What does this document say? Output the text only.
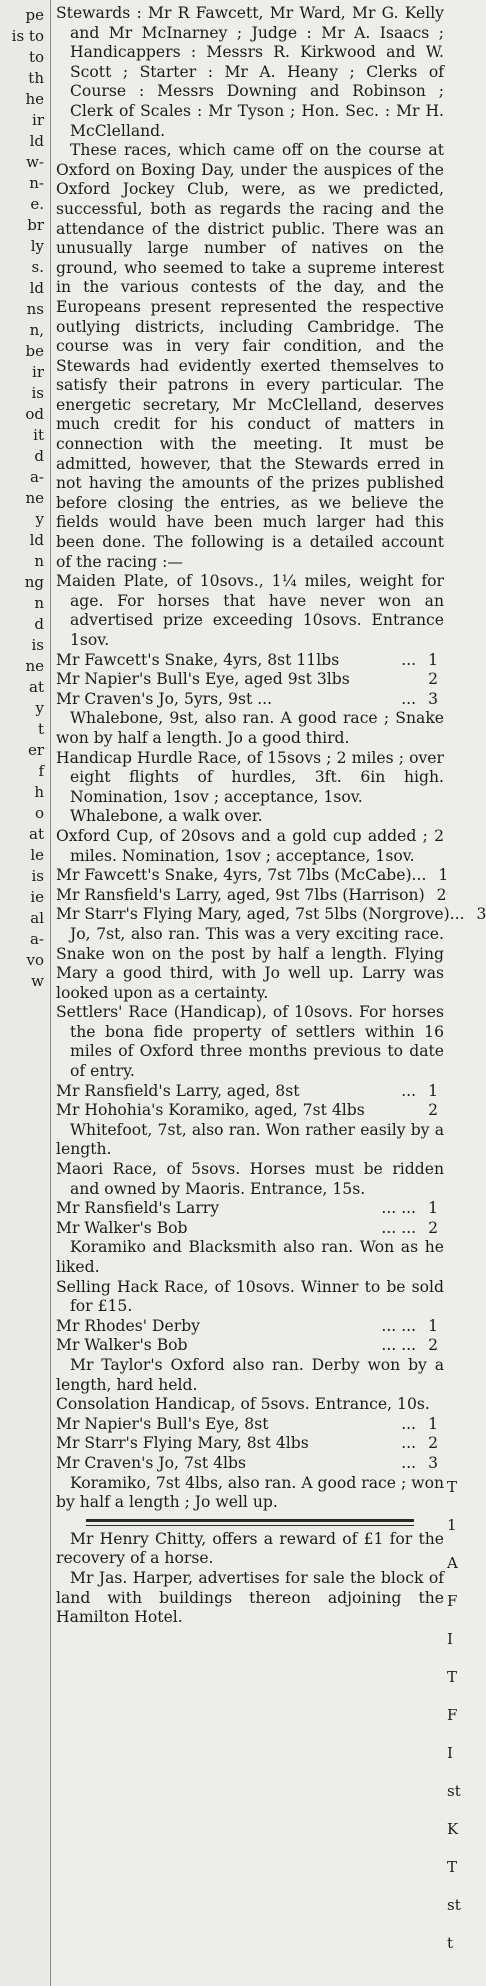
pe
is to
to
th
he
ir
ld
w-
n-
e.
br
ly
s.
ld
ns
n,
be
ir
is
od
it
d
a-
ne
y
ld
n
ng
n
d
is
ne
at
y
t
er
f
h
o
at
le
is
ie
al
a-
vo
w

Stewards : Mr R Fawcett, Mr Ward, Mr G. Kelly and Mr McInarney ; Judge : Mr A. Isaacs ; Handicappers : Messrs R. Kirkwood and W. Scott ; Starter : Mr A. Heany ; Clerks of Course : Messrs Downing and Robinson ; Clerk of Scales : Mr Tyson ; Hon. Sec. : Mr H. McClelland.

These races, which came off on the course at Oxford on Boxing Day, under the auspices of the Oxford Jockey Club, were, as we predicted, successful, both as regards the racing and the attendance of the district public. There was an unusually large number of natives on the ground, who seemed to take a supreme interest in the various contests of the day, and the Europeans present represented the respective outlying districts, including Cambridge. The course was in very fair condition, and the Stewards had evidently exerted themselves to satisfy their patrons in every particular. The energetic secretary, Mr McClelland, deserves much credit for his conduct of matters in connection with the meeting. It must be admitted, however, that the Stewards erred in not having the amounts of the prizes published before closing the entries, as we believe the fields would have been much larger had this been done. The following is a detailed account of the racing :—

Maiden Plate, of 10sovs., 1¼ miles, weight for age. For horses that have never won an advertised prize exceeding 10sovs. Entrance 1sov.

Mr Fawcett's Snake, 4yrs, 8st 11lbs	... 1
Mr Napier's Bull's Eye, aged 9st 3lbs	2
Mr Craven's Jo, 5yrs, 9st ...	... 3

Whalebone, 9st, also ran. A good race ; Snake won by half a length. Jo a good third.

Handicap Hurdle Race, of 15sovs ; 2 miles ; over eight flights of hurdles, 3ft. 6in high. Nomination, 1sov ; acceptance, 1sov.

Whalebone, a walk over.

Oxford Cup, of 20sovs and a gold cup added ; 2 miles. Nomination, 1sov ; acceptance, 1sov.

Mr Fawcett's Snake, 4yrs, 7st 7lbs (McCabe) ... 1
Mr Ransfield's Larry, aged, 9st 7lbs (Harrison) 2
Mr Starr's Flying Mary, aged, 7st 5lbs (Norgrove) ... 3

Jo, 7st, also ran. This was a very exciting race. Snake won on the post by half a length. Flying Mary a good third, with Jo well up. Larry was looked upon as a certainty.

Settlers' Race (Handicap), of 10sovs. For horses the bona fide property of settlers within 16 miles of Oxford three months previous to date of entry.

Mr Ransfield's Larry, aged, 8st	... 1
Mr Hohohia's Koramiko, aged, 7st 4lbs	2

Whitefoot, 7st, also ran. Won rather easily by a length.

Maori Race, of 5sovs. Horses must be ridden and owned by Maoris. Entrance, 15s.

Mr Ransfield's Larry	... ... 1
Mr Walker's Bob	... ... 2

Koramiko and Blacksmith also ran. Won as he liked.

Selling Hack Race, of 10sovs. Winner to be sold for £15.

Mr Rhodes' Derby	... ... 1
Mr Walker's Bob	... ... 2

Mr Taylor's Oxford also ran. Derby won by a length, hard held.

Consolation Handicap, of 5sovs. Entrance, 10s.

Mr Napier's Bull's Eye, 8st	... 1
Mr Starr's Flying Mary, 8st 4lbs	... 2
Mr Craven's Jo, 7st 4lbs	... 3

Koramiko, 7st 4lbs, also ran. A good race ; won by half a length ; Jo well up.

Mr Henry Chitty, offers a reward of £1 for the recovery of a horse.

Mr Jas. Harper, advertises for sale the block of land with buildings thereon adjoining the Hamilton Hotel.

T
1
A
F
I
T
F
I
st
K
T
st
t
